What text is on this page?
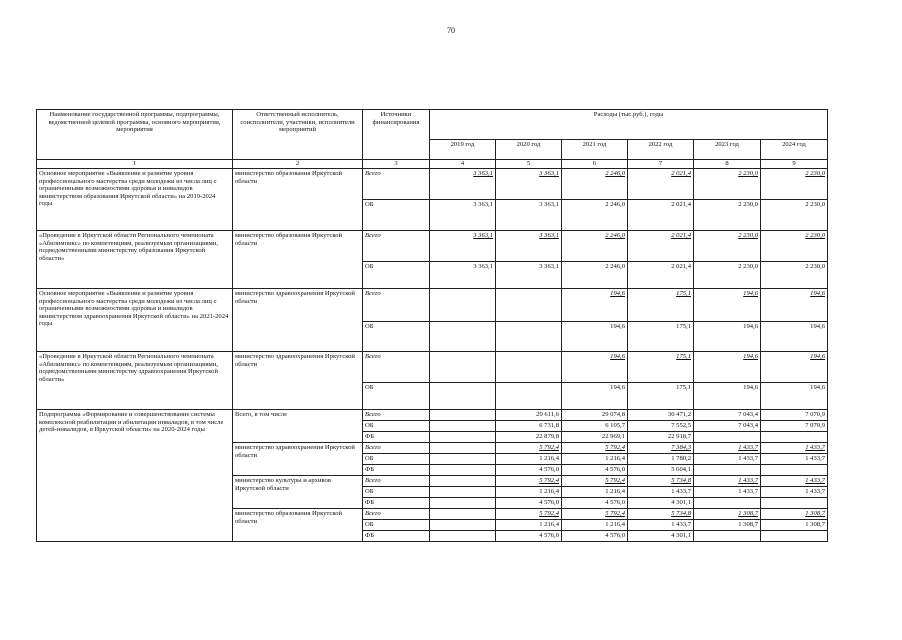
70
Наименование государственной программы, подпрограммы, ведомственной целевой программы, основного мероприятия, мероприятия	Ответственный исполнитель, соисполнители, участники, исполнители мероприятий	Источники финансирования	Расходы (тыс.руб.), годы					
			2019 год	2020 год	2021 год	2022 год	2023 год	2024 год
1	2	3	4	5	6	7	8	9
Основное мероприятие «Выявление и развитие уровня профессионального мастерства среди молодежи из числа лиц с ограниченными возможностями здоровья и инвалидов министерством образования Иркутской области» на 2019-2024 годы	министерство образования Иркутской области	Всего	3 363,1	3 363,1	2 246,0	2 021,4	2 230,0	2 230,0
		ОБ	3 363,1	3 363,1	2 246,0	2 021,4	2 230,0	2 230,0
«Проведение в Иркутской области Регионального чемпионата «Абилимпикс» по компетенциям, реализуемым организациями, подведомственными министерству образования Иркутской области»	министерство образования Иркутской области	Всего	3 363,1	3 363,1	2 246,0	2 021,4	2 230,0	2 230,0
		ОБ	3 363,1	3 363,1	2 246,0	2 021,4	2 230,0	2 230,0
Основное мероприятие «Выявление и развитие уровня профессионального мастерства среди молодежи из числа лиц с ограниченными возможностями здоровья и инвалидов министерством здравоохранения Иркутской области» на 2021-2024 годы	министерство здравоохранения Иркутской области	Всего			194,6	175,1	194,6	194,6
		ОБ			194,6	175,1	194,6	194,6
«Проведение в Иркутской области Регионального чемпионата «Абилимпикс» по компетенциям, реализуемым организациями, подведомственными министерству здравоохранения Иркутской области»	министерство здравоохранения Иркутской области	Всего			194,6	175,1	194,6	194,6
		ОБ			194,6	175,1	194,6	194,6
Подпрограмма «Формирование и совершенствование системы комплексной реабилитации и абилитации инвалидов, в том числе детей-инвалидов, в Иркутской области» на 2020-2024 годы	Всего, в том числе	Всего		29 611,6	29 074,8	30 471,2	7 043,4	7 070,9
		ОБ		6 731,8	6 105,7	7 552,5	7 043,4	7 070,9
		ФБ		22 879,8	22 969,1	22 918,7		
	министерство здравоохранения Иркутской области	Всего		5 792,4	5 792,4	7 384,3	1 433,7	1 433,7
		ОБ		1 216,4	1 216,4	1 780,2	1 433,7	1 433,7
		ФБ		4 576,0	4 576,0	5 604,1		
	министерство культуры и архивов Иркутской области	Всего		5 792,4	5 792,4	5 734,8	1 433,7	1 433,7
		ОБ		1 216,4	1 216,4	1 433,7	1 433,7	1 433,7
		ФБ		4 576,0	4 576,0	4 301,1		
	министерство образования Иркутской области	Всего		5 792,4	5 792,4	5 734,8	1 308,7	1 308,7
		ОБ		1 216,4	1 216,4	1 433,7	1 308,7	1 308,7
		ФБ		4 576,0	4 576,0	4 301,1		
